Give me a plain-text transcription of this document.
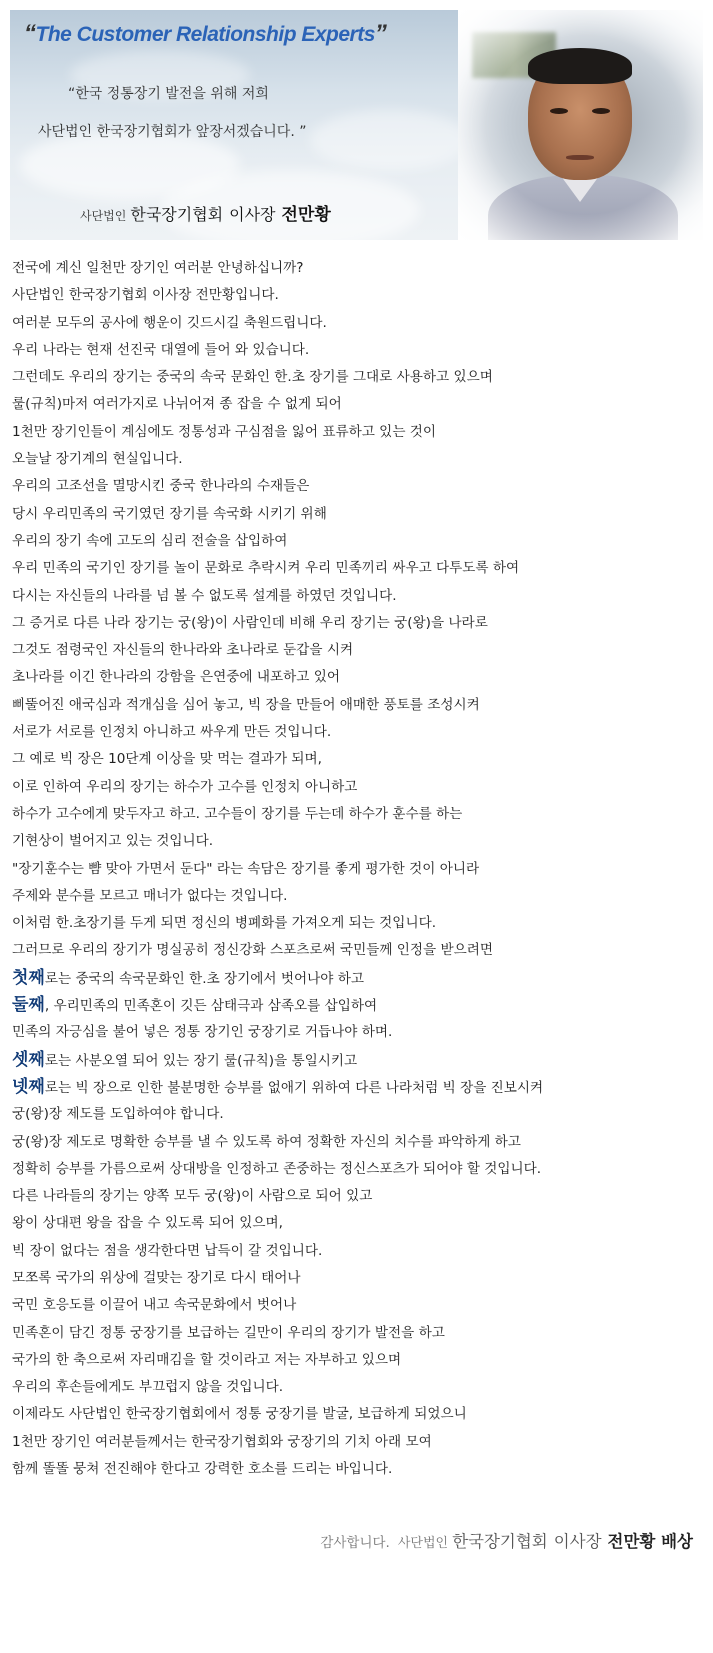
“The Customer Relationship Experts”
“한국 정통장기 발전을 위해 저희
사단법인 한국장기협회가 앞장서겠습니다. ”
사단법인 한국장기협회 이사장 전만황
전국에 계신 일천만 장기인 여러분 안녕하십니까?
사단법인 한국장기협회 이사장 전만황입니다.
여러분 모두의 공사에 행운이 깃드시길 축원드립니다.
우리 나라는 현재 선진국 대열에 들어 와 있습니다.
그런데도 우리의 장기는 중국의 속국 문화인 한.초 장기를 그대로 사용하고 있으며
룰(규칙)마저 여러가지로 나뉘어져 종 잡을 수 없게 되어
1천만 장기인들이 계심에도 정통성과 구심점을 잃어 표류하고 있는 것이
오늘날 장기계의 현실입니다.
우리의 고조선을 멸망시킨 중국 한나라의 수재들은
당시 우리민족의 국기였던 장기를 속국화 시키기 위해
우리의 장기 속에 고도의 심리 전술을 삽입하여
우리 민족의 국기인 장기를 놀이 문화로 추락시켜 우리 민족끼리 싸우고 다투도록 하여
다시는 자신들의 나라를 넘 볼 수 없도록 설계를 하였던 것입니다.
그 증거로 다른 나라 장기는 궁(왕)이 사람인데 비해 우리 장기는 궁(왕)을 나라로
그것도 점령국인 자신들의 한나라와 초나라로 둔갑을 시켜
초나라를 이긴 한나라의 강함을 은연중에 내포하고 있어
삐뚤어진 애국심과 적개심을 심어 놓고, 빅 장을 만들어 애매한 풍토를 조성시켜
서로가 서로를 인정치 아니하고 싸우게 만든 것입니다.
그 예로 빅 장은 10단계 이상을 맞 먹는 결과가 되며,
이로 인하여 우리의 장기는 하수가 고수를 인정치 아니하고
하수가 고수에게 맞두자고 하고. 고수들이 장기를 두는데 하수가 훈수를 하는
기현상이 벌어지고 있는 것입니다.
"장기훈수는 뺨 맞아 가면서 둔다" 라는 속담은 장기를 좋게 평가한 것이 아니라
주제와 분수를 모르고 매너가 없다는 것입니다.
이처럼 한.초장기를 두게 되면 정신의 병폐화를 가져오게 되는 것입니다.
그러므로 우리의 장기가 명실공히 정신강화 스포츠로써 국민들께 인정을 받으려면
첫째로는 중국의 속국문화인 한.초 장기에서 벗어나야 하고
둘째, 우리민족의 민족혼이 깃든 삼태극과 삼족오를 삽입하여
민족의 자긍심을 불어 넣은 정통 장기인 궁장기로 거듭나야 하며.
셋째로는 사분오열 되어 있는 장기 룰(규칙)을 통일시키고
넷째로는 빅 장으로 인한 불분명한 승부를 없애기 위하여 다른 나라처럼 빅 장을 진보시켜
궁(왕)장 제도를 도입하여야 합니다.
궁(왕)장 제도로 명확한 승부를 낼 수 있도록 하여 정확한 자신의 치수를 파악하게 하고
정확히 승부를 가름으로써 상대방을 인정하고 존중하는 정신스포츠가 되어야 할 것입니다.
다른 나라들의 장기는 양쪽 모두 궁(왕)이 사람으로 되어 있고
왕이 상대편 왕을 잡을 수 있도록 되어 있으며,
빅 장이 없다는 점을 생각한다면 납득이 갈 것입니다.
모쪼록 국가의 위상에 걸맞는 장기로 다시 태어나
국민 호응도를 이끌어 내고 속국문화에서 벗어나
민족혼이 담긴 정통 궁장기를 보급하는 길만이 우리의 장기가 발전을 하고
국가의 한 축으로써 자리매김을 할 것이라고 저는 자부하고 있으며
우리의 후손들에게도 부끄럽지 않을 것입니다.
이제라도 사단법인 한국장기협회에서 정통 궁장기를 발굴, 보급하게 되었으니
1천만 장기인 여러분들께서는 한국장기협회와 궁장기의 기치 아래 모여
함께 똘똘 뭉쳐 전진해야 한다고 강력한 호소를 드리는 바입니다.
감사합니다. 사단법인 한국장기협회 이사장 전만황 배상
